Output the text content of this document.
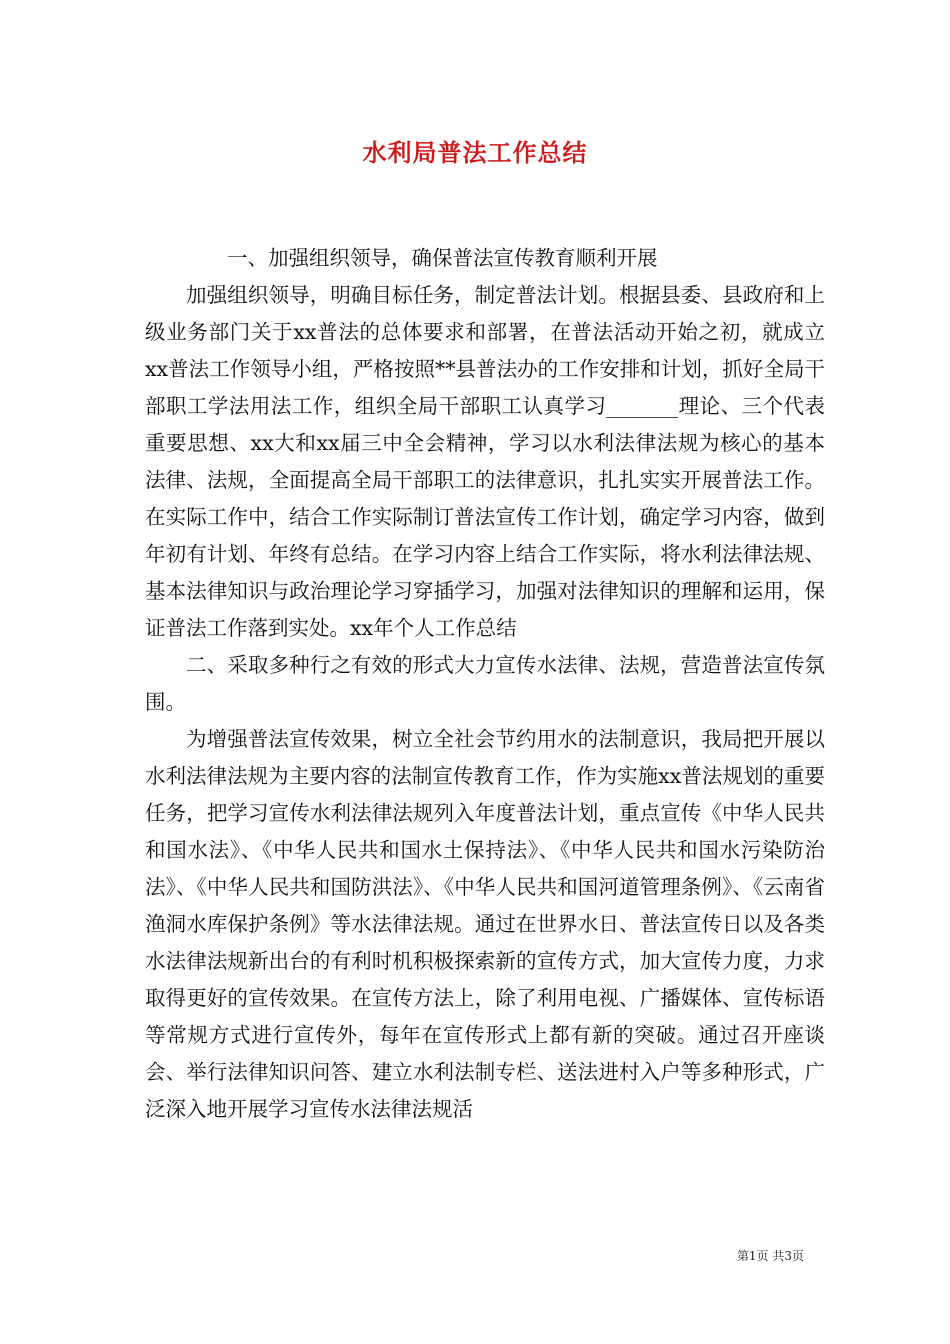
水利局普法工作总结

一、加强组织领导，确保普法宣传教育顺利开展

加强组织领导，明确目标任务，制定普法计划。根据县委、县政府和上级业务部门关于xx普法的总体要求和部署，在普法活动开始之初，就成立xx普法工作领导小组，严格按照**县普法办的工作安排和计划，抓好全局干部职工学法用法工作，组织全局干部职工认真学习_______理论、三个代表重要思想、xx大和xx届三中全会精神，学习以水利法律法规为核心的基本法律、法规，全面提高全局干部职工的法律意识，扎扎实实开展普法工作。在实际工作中，结合工作实际制订普法宣传工作计划，确定学习内容，做到年初有计划、年终有总结。在学习内容上结合工作实际，将水利法律法规、基本法律知识与政治理论学习穿插学习，加强对法律知识的理解和运用，保证普法工作落到实处。xx年个人工作总结

二、采取多种行之有效的形式大力宣传水法律、法规，营造普法宣传氛围。

为增强普法宣传效果，树立全社会节约用水的法制意识，我局把开展以水利法律法规为主要内容的法制宣传教育工作，作为实施xx普法规划的重要任务，把学习宣传水利法律法规列入年度普法计划，重点宣传《中华人民共和国水法》、《中华人民共和国水土保持法》、《中华人民共和国水污染防治法》、《中华人民共和国防洪法》、《中华人民共和国河道管理条例》、《云南省渔洞水库保护条例》等水法律法规。通过在世界水日、普法宣传日以及各类水法律法规新出台的有利时机积极探索新的宣传方式，加大宣传力度，力求取得更好的宣传效果。在宣传方法上，除了利用电视、广播媒体、宣传标语等常规方式进行宣传外，每年在宣传形式上都有新的突破。通过召开座谈会、举行法律知识问答、建立水利法制专栏、送法进村入户等多种形式，广泛深入地开展学习宣传水法律法规活

第1页 共3页
